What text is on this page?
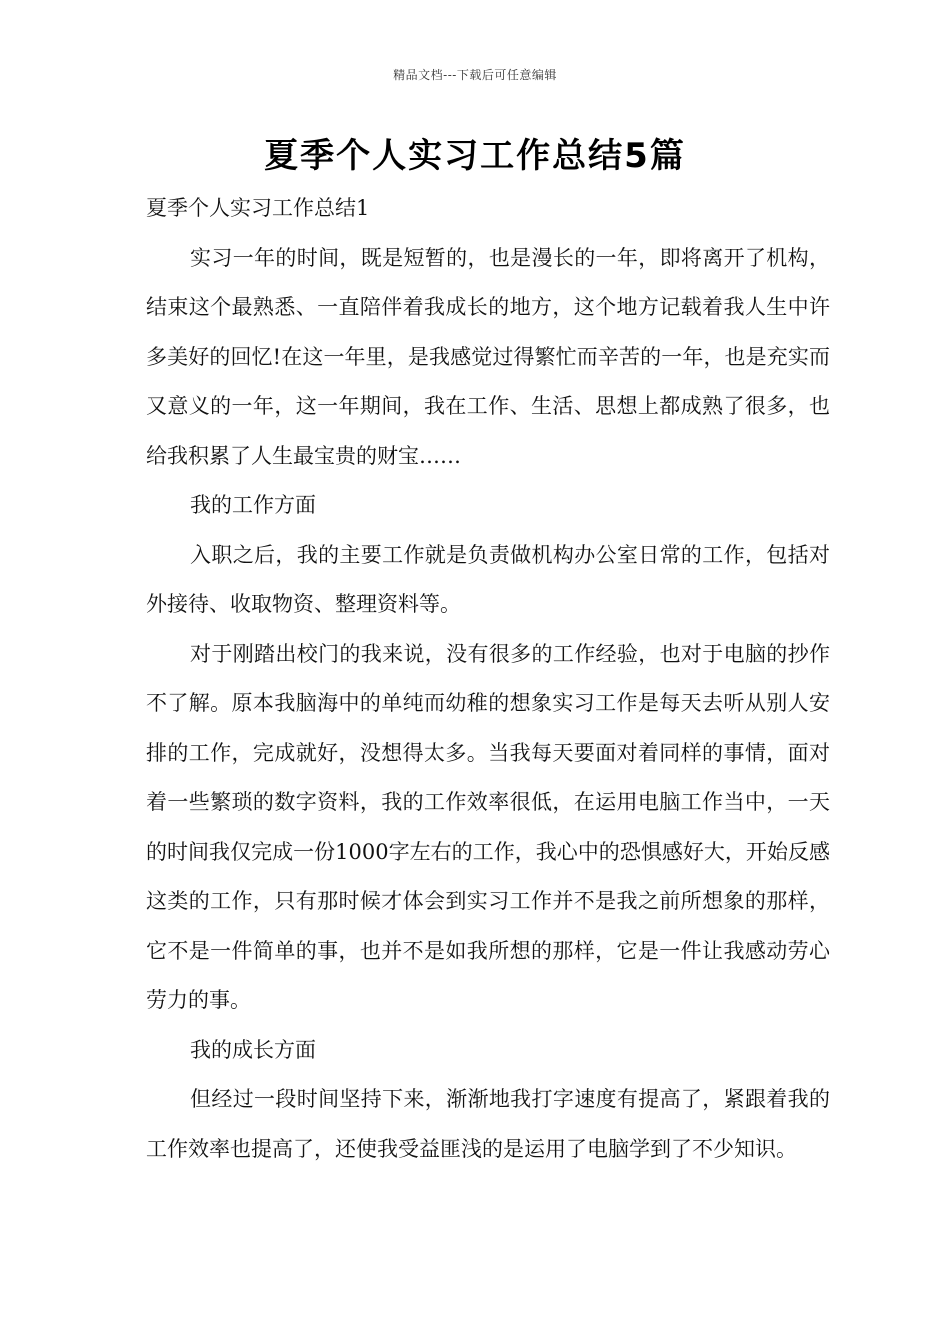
精品文档---下载后可任意编辑
夏季个人实习工作总结5篇

夏季个人实习工作总结1

实习一年的时间，既是短暂的，也是漫长的一年，即将离开了机构，结束这个最熟悉、一直陪伴着我成长的地方，这个地方记载着我人生中许多美好的回忆!在这一年里，是我感觉过得繁忙而辛苦的一年，也是充实而又意义的一年，这一年期间，我在工作、生活、思想上都成熟了很多，也给我积累了人生最宝贵的财宝……

我的工作方面

入职之后，我的主要工作就是负责做机构办公室日常的工作，包括对外接待、收取物资、整理资料等。

对于刚踏出校门的我来说，没有很多的工作经验，也对于电脑的抄作不了解。原本我脑海中的单纯而幼稚的想象实习工作是每天去听从别人安排的工作，完成就好，没想得太多。当我每天要面对着同样的事情，面对着一些繁琐的数字资料，我的工作效率很低，在运用电脑工作当中，一天的时间我仅完成一份1000字左右的工作，我心中的恐惧感好大，开始反感这类的工作，只有那时候才体会到实习工作并不是我之前所想象的那样，它不是一件简单的事，也并不是如我所想的那样，它是一件让我感动劳心劳力的事。

我的成长方面

但经过一段时间坚持下来，渐渐地我打字速度有提高了，紧跟着我的工作效率也提高了，还使我受益匪浅的是运用了电脑学到了不少知识。
